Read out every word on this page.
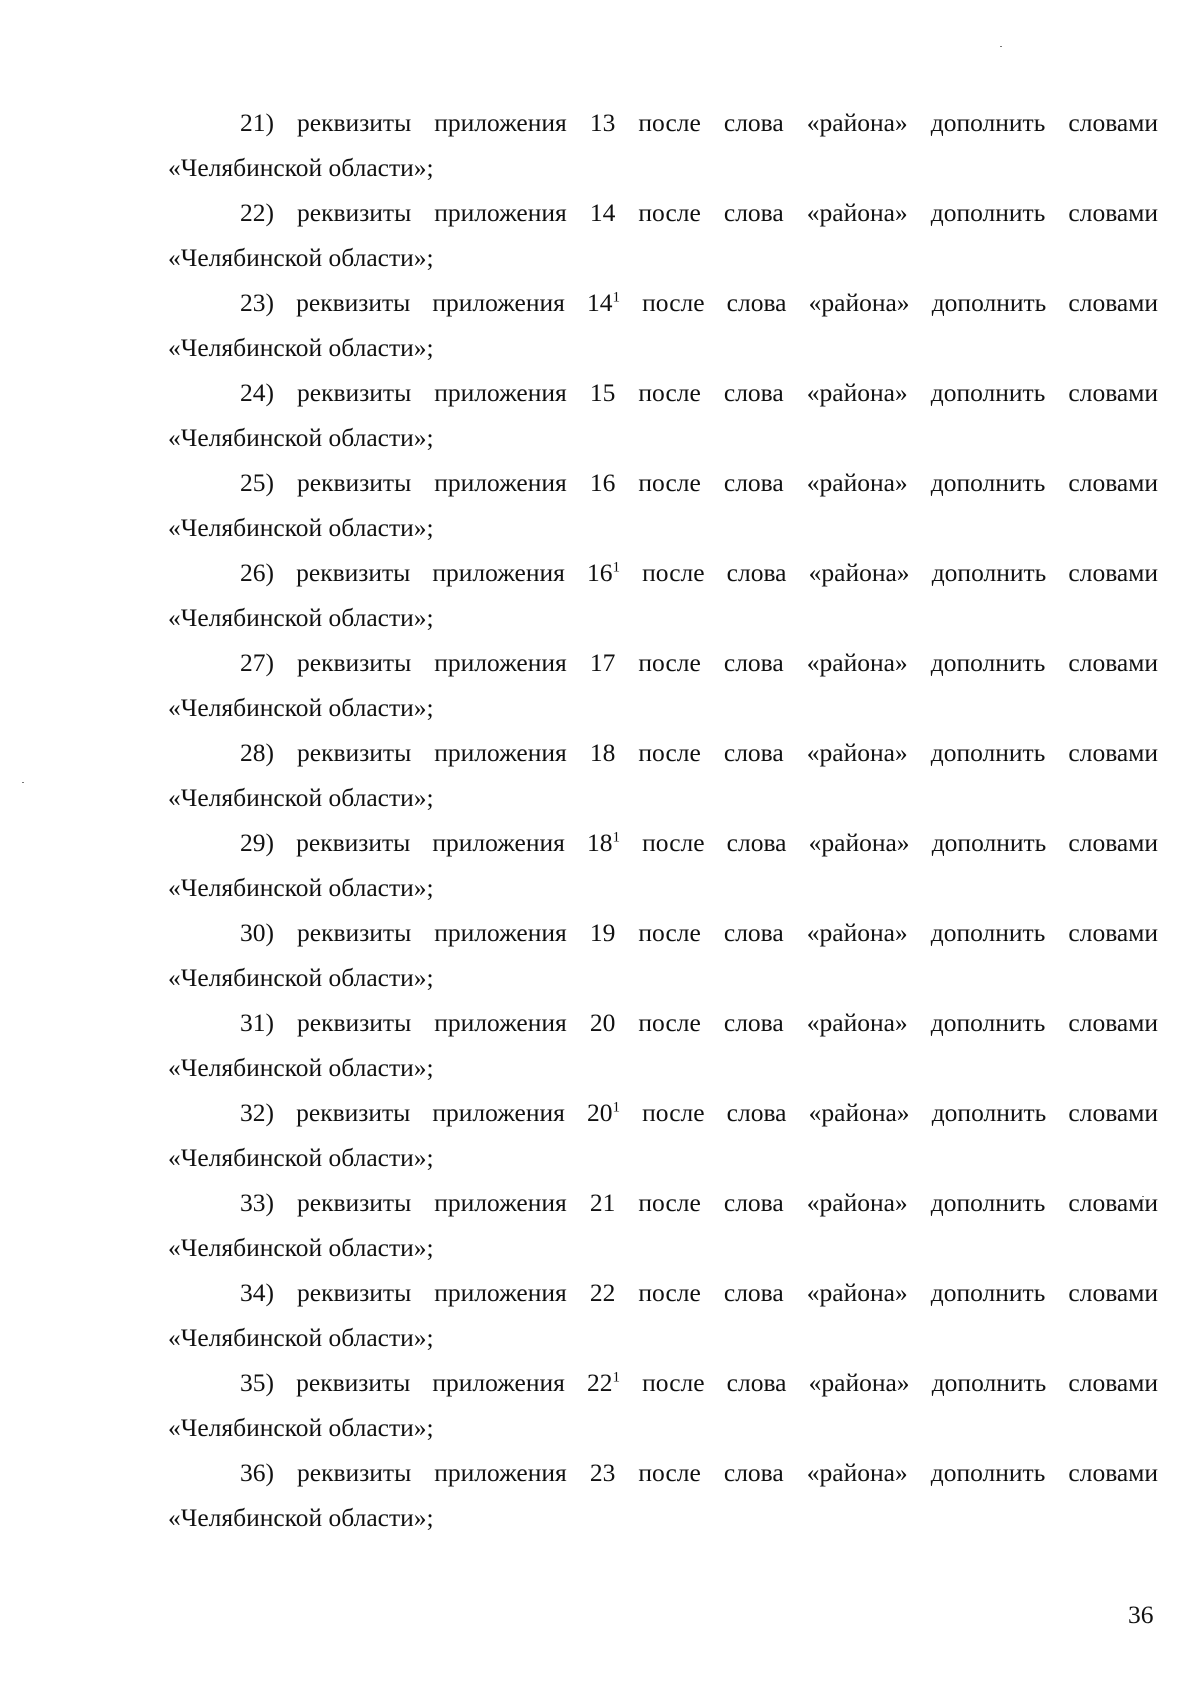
21) реквизиты приложения 13 после слова «района» дополнить словами «Челябинской области»;

22) реквизиты приложения 14 после слова «района» дополнить словами «Челябинской области»;

23) реквизиты приложения $14^1$ после слова «района» дополнить словами «Челябинской области»;

24) реквизиты приложения 15 после слова «района» дополнить словами «Челябинской области»;

25) реквизиты приложения 16 после слова «района» дополнить словами «Челябинской области»;

26) реквизиты приложения $16^1$ после слова «района» дополнить словами «Челябинской области»;

27) реквизиты приложения 17 после слова «района» дополнить словами «Челябинской области»;

28) реквизиты приложения 18 после слова «района» дополнить словами «Челябинской области»;

29) реквизиты приложения $18^1$ после слова «района» дополнить словами «Челябинской области»;

30) реквизиты приложения 19 после слова «района» дополнить словами «Челябинской области»;

31) реквизиты приложения 20 после слова «района» дополнить словами «Челябинской области»;

32) реквизиты приложения $20^1$ после слова «района» дополнить словами «Челябинской области»;

33) реквизиты приложения 21 после слова «района» дополнить словами «Челябинской области»;

34) реквизиты приложения 22 после слова «района» дополнить словами «Челябинской области»;

35) реквизиты приложения $22^1$ после слова «района» дополнить словами «Челябинской области»;

36) реквизиты приложения 23 после слова «района» дополнить словами «Челябинской области»;

36
